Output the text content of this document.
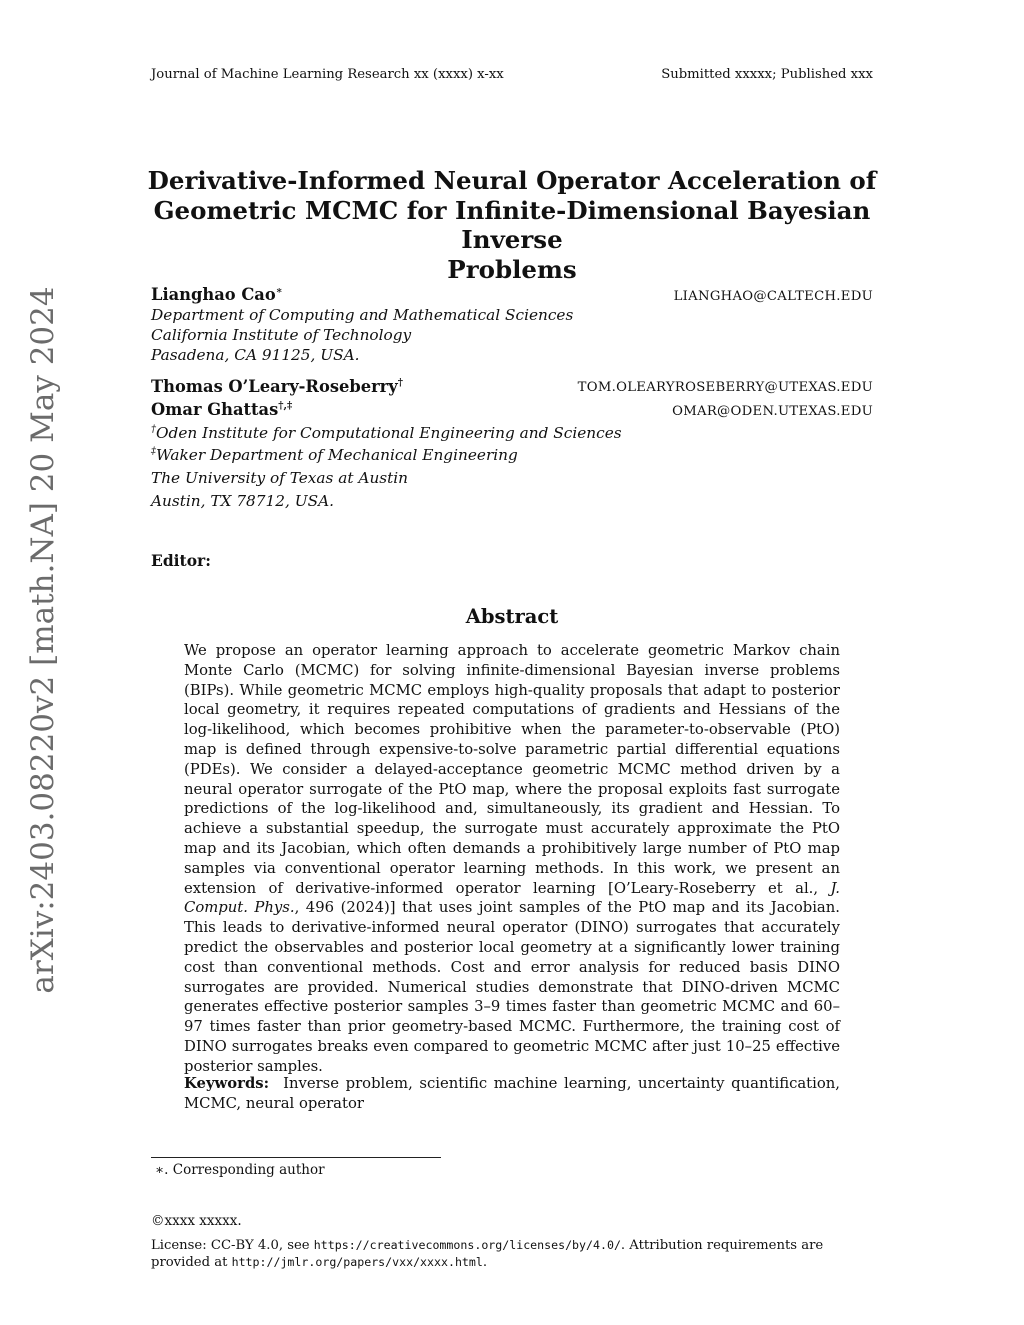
Journal of Machine Learning Research xx (xxxx) x-xx	Submitted xxxxx; Published xxx
arXiv:2403.08220v2 [math.NA] 20 May 2024
Derivative-Informed Neural Operator Acceleration of
Geometric MCMC for Infinite-Dimensional Bayesian Inverse
Problems
Lianghao Cao∗	LIANGHAO@CALTECH.EDU
Department of Computing and Mathematical Sciences
California Institute of Technology
Pasadena, CA 91125, USA.
Thomas O’Leary-Roseberry†	TOM.OLEARYROSEBERRY@UTEXAS.EDU
Omar Ghattas†,‡	OMAR@ODEN.UTEXAS.EDU
†Oden Institute for Computational Engineering and Sciences
‡Waker Department of Mechanical Engineering
The University of Texas at Austin
Austin, TX 78712, USA.
Editor:
Abstract

We propose an operator learning approach to accelerate geometric Markov chain Monte Carlo (MCMC) for solving infinite-dimensional Bayesian inverse problems (BIPs). While geometric MCMC employs high-quality proposals that adapt to posterior local geometry, it requires repeated computations of gradients and Hessians of the log-likelihood, which becomes prohibitive when the parameter-to-observable (PtO) map is defined through expensive-to-solve parametric partial differential equations (PDEs). We consider a delayed-acceptance geometric MCMC method driven by a neural operator surrogate of the PtO map, where the proposal exploits fast surrogate predictions of the log-likelihood and, simultaneously, its gradient and Hessian. To achieve a substantial speedup, the surrogate must accurately approximate the PtO map and its Jacobian, which often demands a prohibitively large number of PtO map samples via conventional operator learning methods. In this work, we present an extension of derivative-informed operator learning [O’Leary-Roseberry et al., J. Comput. Phys., 496 (2024)] that uses joint samples of the PtO map and its Jacobian. This leads to derivative-informed neural operator (DINO) surrogates that accurately predict the observables and posterior local geometry at a significantly lower training cost than conventional methods. Cost and error analysis for reduced basis DINO surrogates are provided. Numerical studies demonstrate that DINO-driven MCMC generates effective posterior samples 3–9 times faster than geometric MCMC and 60–97 times faster than prior geometry-based MCMC. Furthermore, the training cost of DINO surrogates breaks even compared to geometric MCMC after just 10–25 effective posterior samples.

Keywords: Inverse problem, scientific machine learning, uncertainty quantification, MCMC, neural operator

∗. Corresponding author
©xxxx xxxxx.

License: CC-BY 4.0, see https://creativecommons.org/licenses/by/4.0/. Attribution requirements are provided at http://jmlr.org/papers/vxx/xxxx.html.
